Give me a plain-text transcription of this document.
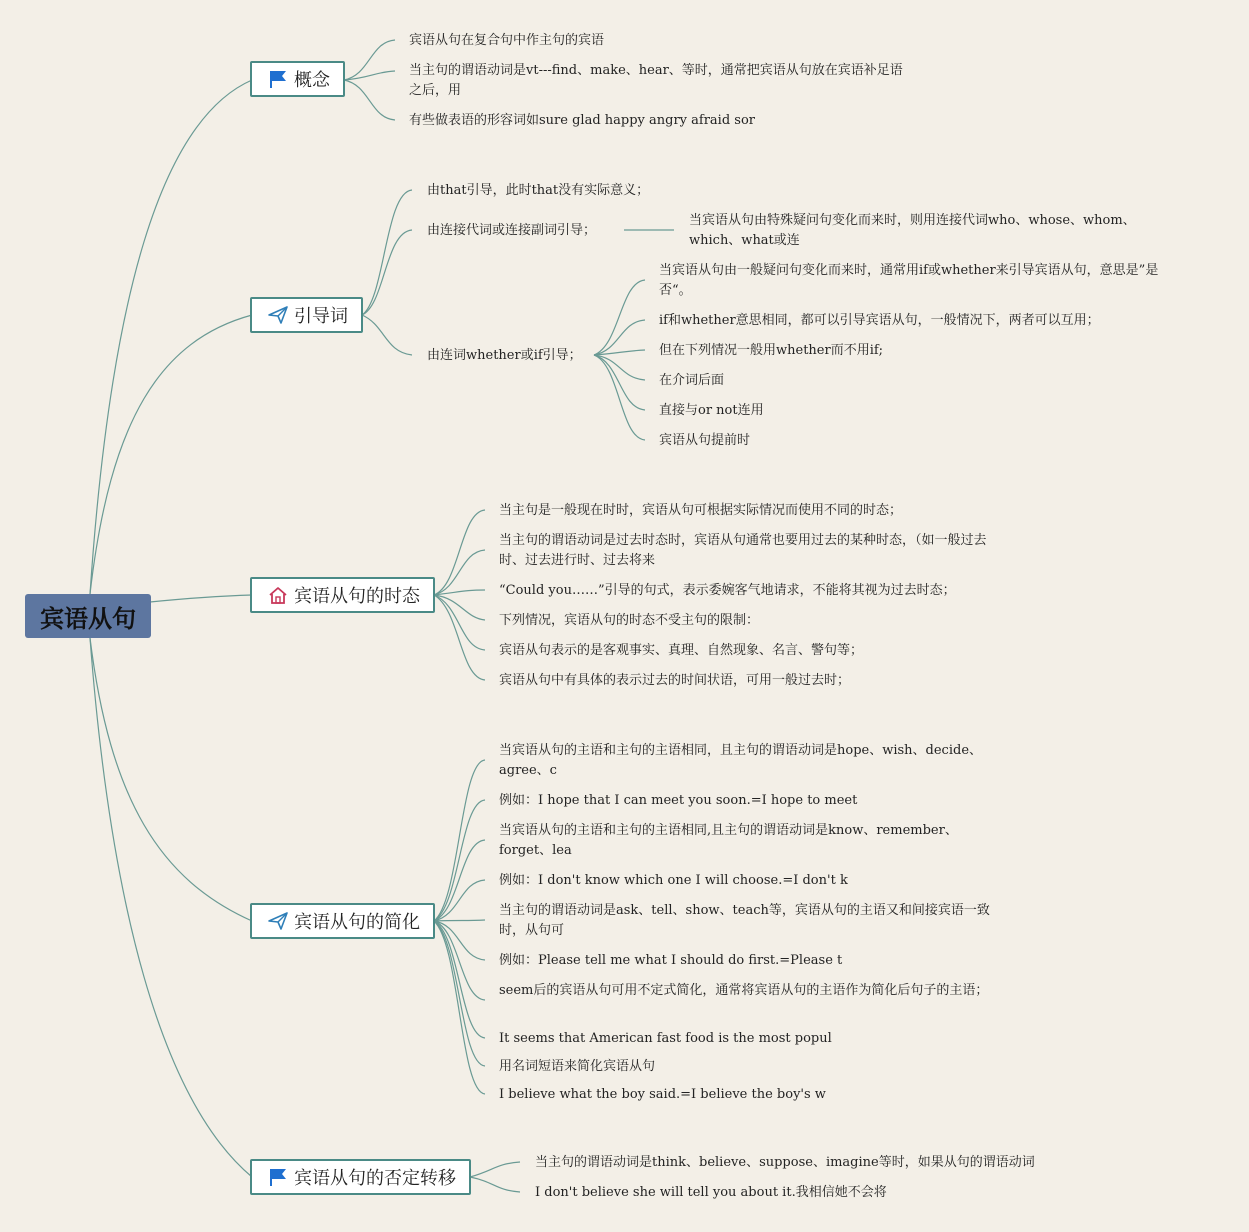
宾语从句
概念
宾语从句在复合句中作主句的宾语
当主句的谓语动词是vt---find、make、hear、等时，通常把宾语从句放在宾语补足语之后，用
有些做表语的形容词如sure glad happy angry afraid sor
引导词
由that引导，此时that没有实际意义；
由连接代词或连接副词引导；
由连词whether或if引导；
当宾语从句由特殊疑问句变化而来时，则用连接代词who、whose、whom、which、what或连
当宾语从句由一般疑问句变化而来时，通常用if或whether来引导宾语从句，意思是”是否“。
if和whether意思相同，都可以引导宾语从句，一般情况下，两者可以互用；
但在下列情况一般用whether而不用if;
在介词后面
直接与or not连用
宾语从句提前时
宾语从句的时态
当主句是一般现在时时，宾语从句可根据实际情况而使用不同的时态；
当主句的谓语动词是过去时态时，宾语从句通常也要用过去的某种时态，（如一般过去时、过去进行时、过去将来
“Could you……”引导的句式，表示委婉客气地请求，不能将其视为过去时态；
下列情况，宾语从句的时态不受主句的限制：
宾语从句表示的是客观事实、真理、自然现象、名言、警句等；
宾语从句中有具体的表示过去的时间状语，可用一般过去时；
宾语从句的简化
当宾语从句的主语和主句的主语相同，且主句的谓语动词是hope、wish、decide、agree、c
例如：I hope that I can meet you soon.=I hope to meet
当宾语从句的主语和主句的主语相同,且主句的谓语动词是know、remember、forget、lea
例如：I don't know which one I will choose.=I don't k
当主句的谓语动词是ask、tell、show、teach等，宾语从句的主语又和间接宾语一致时，从句可
例如：Please tell me what I should do first.=Please t
seem后的宾语从句可用不定式简化，通常将宾语从句的主语作为简化后句子的主语；
It seems that American fast food is the most popul
用名词短语来简化宾语从句
I believe what the boy said.=I believe the boy's w
宾语从句的否定转移
当主句的谓语动词是think、believe、suppose、imagine等时，如果从句的谓语动词
I don't believe she will tell you about it.我相信她不会将
